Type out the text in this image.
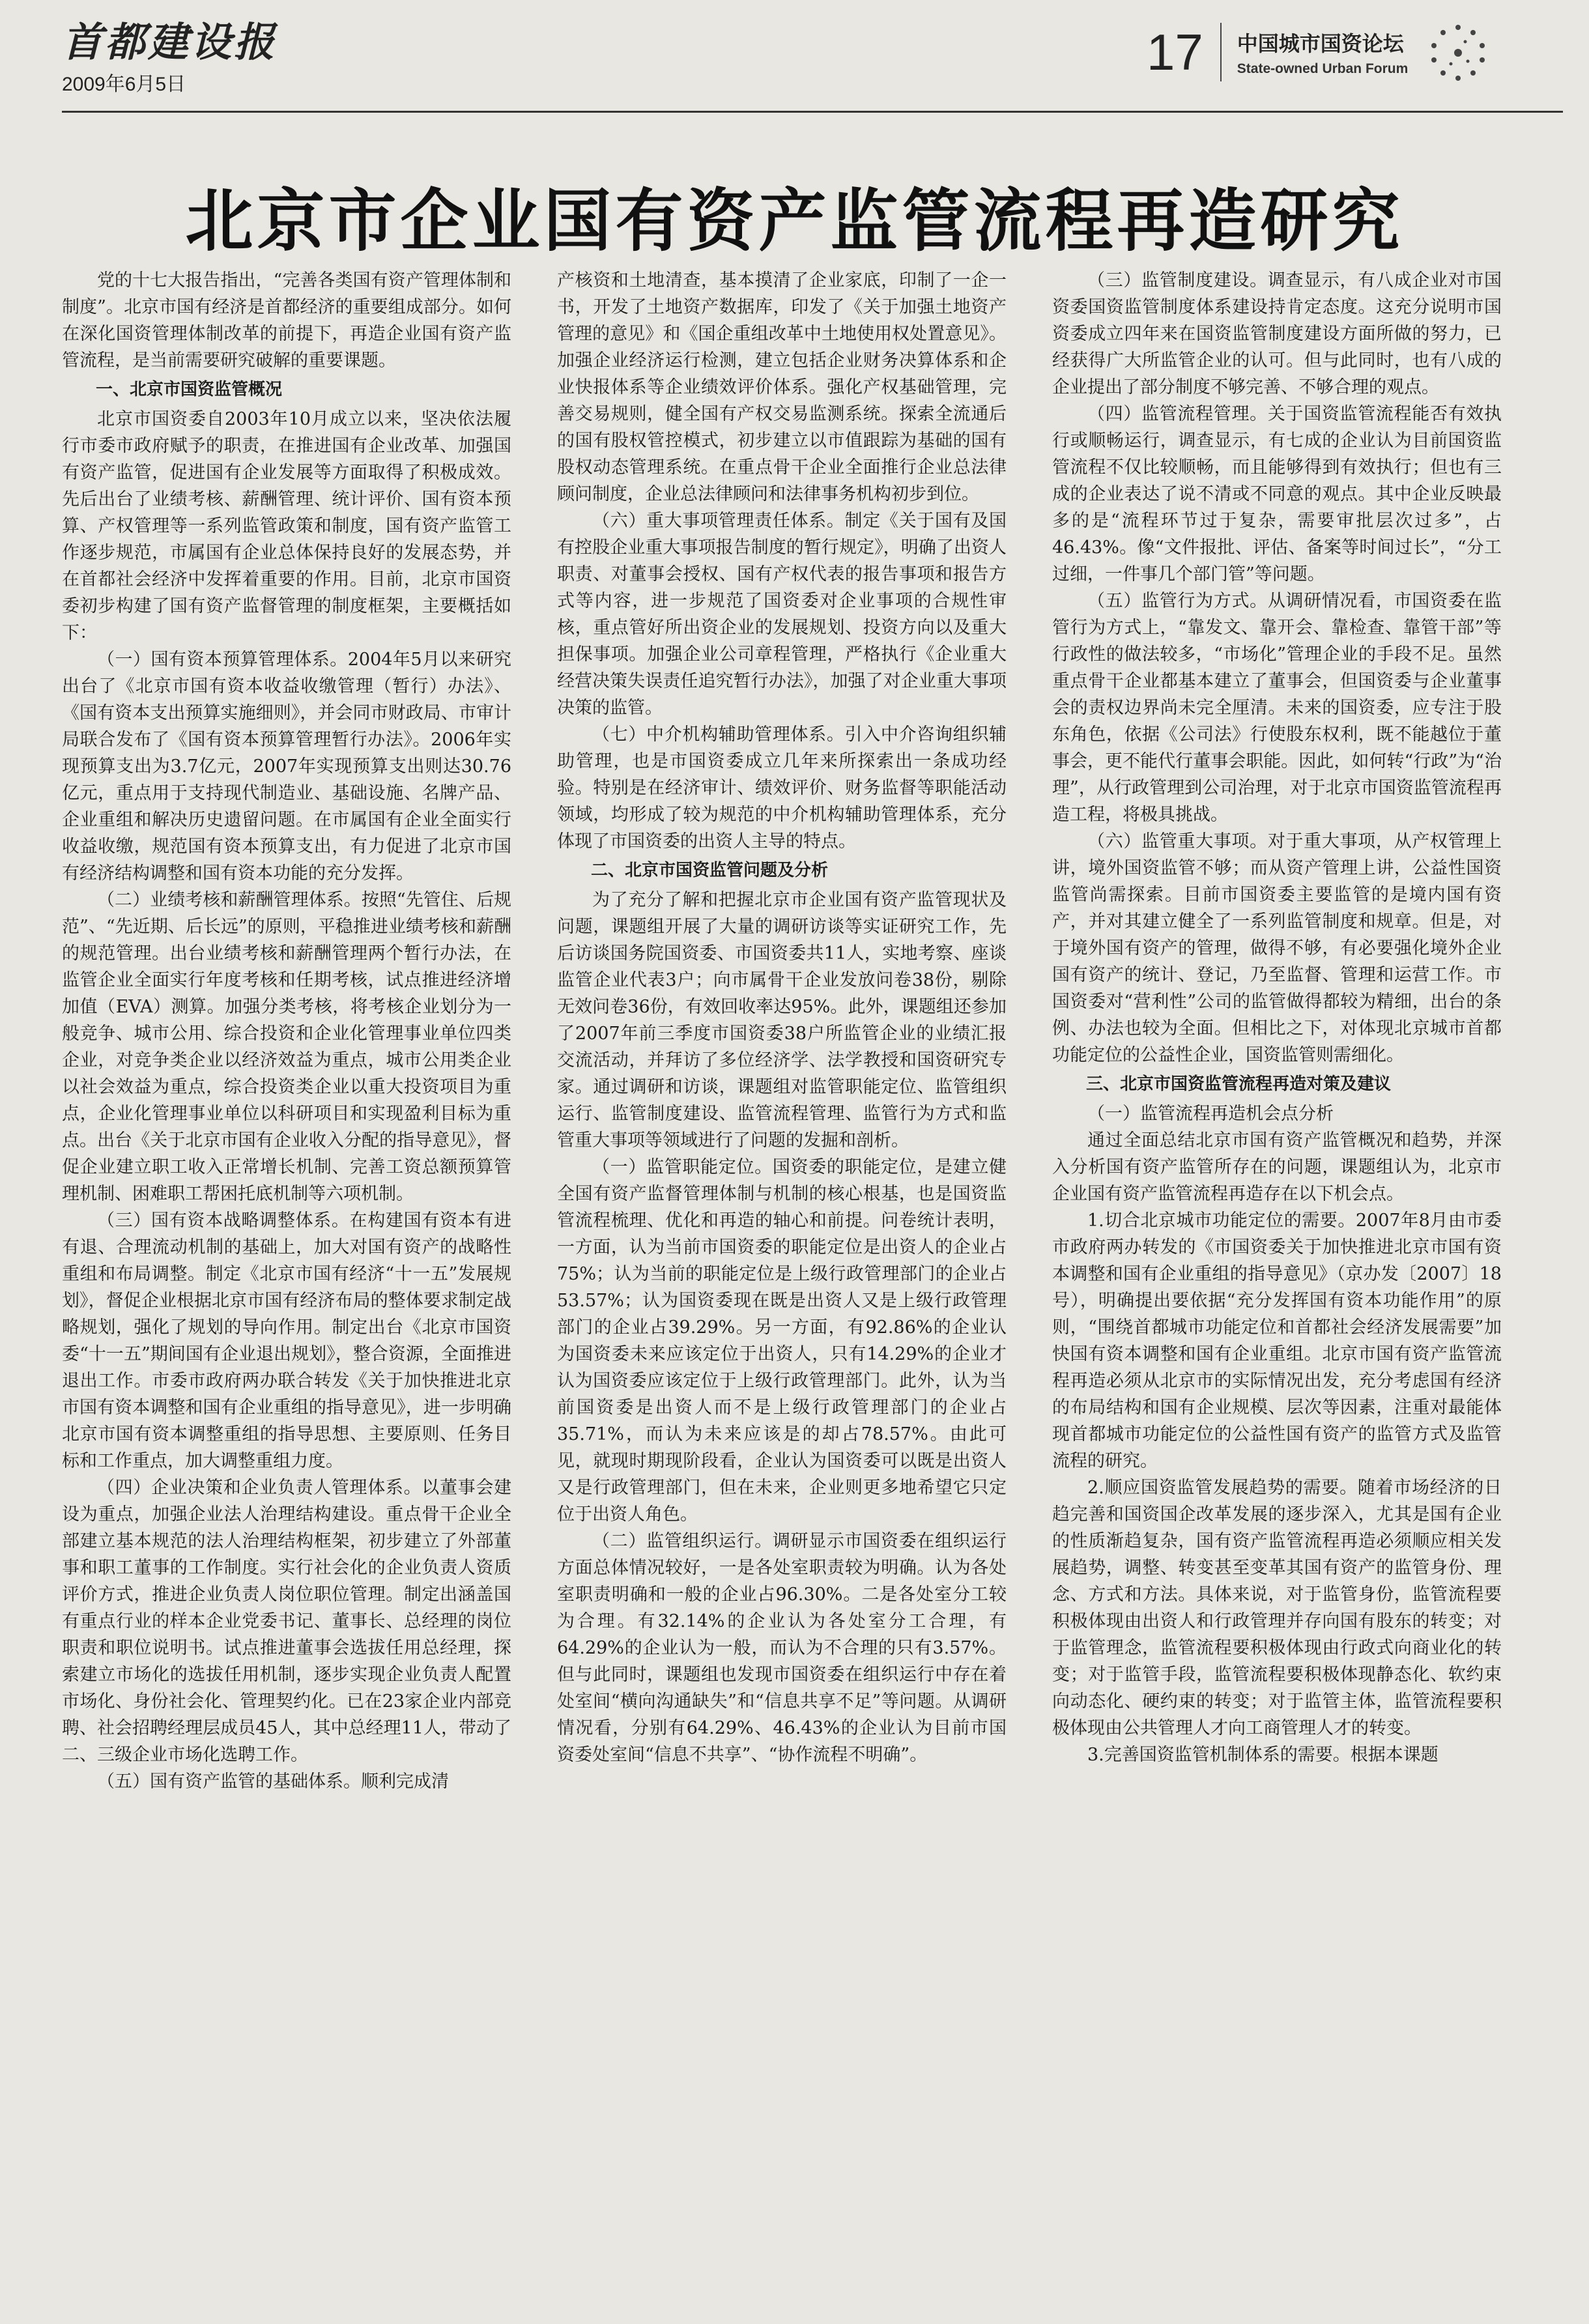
首都建设报
2009年6月5日
17	中国城市国资论坛
State-owned Urban Forum
北京市企业国有资产监管流程再造研究

党的十七大报告指出，“完善各类国有资产管理体制和制度”。北京市国有经济是首都经济的重要组成部分。如何在深化国资管理体制改革的前提下，再造企业国有资产监管流程，是当前需要研究破解的重要课题。

一、北京市国资监管概况

北京市国资委自2003年10月成立以来，坚决依法履行市委市政府赋予的职责，在推进国有企业改革、加强国有资产监管，促进国有企业发展等方面取得了积极成效。先后出台了业绩考核、薪酬管理、统计评价、国有资本预算、产权管理等一系列监管政策和制度，国有资产监管工作逐步规范，市属国有企业总体保持良好的发展态势，并在首都社会经济中发挥着重要的作用。目前，北京市国资委初步构建了国有资产监督管理的制度框架，主要概括如下：

（一）国有资本预算管理体系。2004年5月以来研究出台了《北京市国有资本收益收缴管理（暂行）办法》、《国有资本支出预算实施细则》，并会同市财政局、市审计局联合发布了《国有资本预算管理暂行办法》。2006年实现预算支出为3.7亿元，2007年实现预算支出则达30.76亿元，重点用于支持现代制造业、基础设施、名牌产品、企业重组和解决历史遗留问题。在市属国有企业全面实行收益收缴，规范国有资本预算支出，有力促进了北京市国有经济结构调整和国有资本功能的充分发挥。

（二）业绩考核和薪酬管理体系。按照“先管住、后规范”、“先近期、后长远”的原则，平稳推进业绩考核和薪酬的规范管理。出台业绩考核和薪酬管理两个暂行办法，在监管企业全面实行年度考核和任期考核，试点推进经济增加值（EVA）测算。加强分类考核，将考核企业划分为一般竞争、城市公用、综合投资和企业化管理事业单位四类企业，对竞争类企业以经济效益为重点，城市公用类企业以社会效益为重点，综合投资类企业以重大投资项目为重点，企业化管理事业单位以科研项目和实现盈利目标为重点。出台《关于北京市国有企业收入分配的指导意见》，督促企业建立职工收入正常增长机制、完善工资总额预算管理机制、困难职工帮困托底机制等六项机制。

（三）国有资本战略调整体系。在构建国有资本有进有退、合理流动机制的基础上，加大对国有资产的战略性重组和布局调整。制定《北京市国有经济“十一五”发展规划》，督促企业根据北京市国有经济布局的整体要求制定战略规划，强化了规划的导向作用。制定出台《北京市国资委“十一五”期间国有企业退出规划》，整合资源，全面推进退出工作。市委市政府两办联合转发《关于加快推进北京市国有资本调整和国有企业重组的指导意见》，进一步明确北京市国有资本调整重组的指导思想、主要原则、任务目标和工作重点，加大调整重组力度。

（四）企业决策和企业负责人管理体系。以董事会建设为重点，加强企业法人治理结构建设。重点骨干企业全部建立基本规范的法人治理结构框架，初步建立了外部董事和职工董事的工作制度。实行社会化的企业负责人资质评价方式，推进企业负责人岗位职位管理。制定出涵盖国有重点行业的样本企业党委书记、董事长、总经理的岗位职责和职位说明书。试点推进董事会选拔任用总经理，探索建立市场化的选拔任用机制，逐步实现企业负责人配置市场化、身份社会化、管理契约化。已在23家企业内部竞聘、社会招聘经理层成员45人，其中总经理11人，带动了二、三级企业市场化选聘工作。

（五）国有资产监管的基础体系。顺利完成清

产核资和土地清查，基本摸清了企业家底，印制了一企一书，开发了土地资产数据库，印发了《关于加强土地资产管理的意见》和《国企重组改革中土地使用权处置意见》。加强企业经济运行检测，建立包括企业财务决算体系和企业快报体系等企业绩效评价体系。强化产权基础管理，完善交易规则，健全国有产权交易监测系统。探索全流通后的国有股权管控模式，初步建立以市值跟踪为基础的国有股权动态管理系统。在重点骨干企业全面推行企业总法律顾问制度，企业总法律顾问和法律事务机构初步到位。

（六）重大事项管理责任体系。制定《关于国有及国有控股企业重大事项报告制度的暂行规定》，明确了出资人职责、对董事会授权、国有产权代表的报告事项和报告方式等内容，进一步规范了国资委对企业事项的合规性审核，重点管好所出资企业的发展规划、投资方向以及重大担保事项。加强企业公司章程管理，严格执行《企业重大经营决策失误责任追究暂行办法》，加强了对企业重大事项决策的监管。

（七）中介机构辅助管理体系。引入中介咨询组织辅助管理，也是市国资委成立几年来所探索出一条成功经验。特别是在经济审计、绩效评价、财务监督等职能活动领域，均形成了较为规范的中介机构辅助管理体系，充分体现了市国资委的出资人主导的特点。

二、北京市国资监管问题及分析

为了充分了解和把握北京市企业国有资产监管现状及问题，课题组开展了大量的调研访谈等实证研究工作，先后访谈国务院国资委、市国资委共11人，实地考察、座谈监管企业代表3户；向市属骨干企业发放问卷38份，剔除无效问卷36份，有效回收率达95%。此外，课题组还参加了2007年前三季度市国资委38户所监管企业的业绩汇报交流活动，并拜访了多位经济学、法学教授和国资研究专家。通过调研和访谈，课题组对监管职能定位、监管组织运行、监管制度建设、监管流程管理、监管行为方式和监管重大事项等领域进行了问题的发掘和剖析。

（一）监管职能定位。国资委的职能定位，是建立健全国有资产监督管理体制与机制的核心根基，也是国资监管流程梳理、优化和再造的轴心和前提。问卷统计表明，一方面，认为当前市国资委的职能定位是出资人的企业占75%；认为当前的职能定位是上级行政管理部门的企业占53.57%；认为国资委现在既是出资人又是上级行政管理部门的企业占39.29%。另一方面，有92.86%的企业认为国资委未来应该定位于出资人，只有14.29%的企业才认为国资委应该定位于上级行政管理部门。此外，认为当前国资委是出资人而不是上级行政管理部门的企业占35.71%，而认为未来应该是的却占78.57%。由此可见，就现时期现阶段看，企业认为国资委可以既是出资人又是行政管理部门，但在未来，企业则更多地希望它只定位于出资人角色。

（二）监管组织运行。调研显示市国资委在组织运行方面总体情况较好，一是各处室职责较为明确。认为各处室职责明确和一般的企业占96.30%。二是各处室分工较为合理。有32.14%的企业认为各处室分工合理，有64.29%的企业认为一般，而认为不合理的只有3.57%。但与此同时，课题组也发现市国资委在组织运行中存在着处室间“横向沟通缺失”和“信息共享不足”等问题。从调研情况看，分别有64.29%、46.43%的企业认为目前市国资委处室间“信息不共享”、“协作流程不明确”。

（三）监管制度建设。调查显示，有八成企业对市国资委国资监管制度体系建设持肯定态度。这充分说明市国资委成立四年来在国资监管制度建设方面所做的努力，已经获得广大所监管企业的认可。但与此同时，也有八成的企业提出了部分制度不够完善、不够合理的观点。

（四）监管流程管理。关于国资监管流程能否有效执行或顺畅运行，调查显示，有七成的企业认为目前国资监管流程不仅比较顺畅，而且能够得到有效执行；但也有三成的企业表达了说不清或不同意的观点。其中企业反映最多的是“流程环节过于复杂，需要审批层次过多”，占46.43%。像“文件报批、评估、备案等时间过长”，“分工过细，一件事几个部门管”等问题。

（五）监管行为方式。从调研情况看，市国资委在监管行为方式上，“靠发文、靠开会、靠检查、靠管干部”等行政性的做法较多，“市场化”管理企业的手段不足。虽然重点骨干企业都基本建立了董事会，但国资委与企业董事会的责权边界尚未完全厘清。未来的国资委，应专注于股东角色，依据《公司法》行使股东权利，既不能越位于董事会，更不能代行董事会职能。因此，如何转“行政”为“治理”，从行政管理到公司治理，对于北京市国资监管流程再造工程，将极具挑战。

（六）监管重大事项。对于重大事项，从产权管理上讲，境外国资监管不够；而从资产管理上讲，公益性国资监管尚需探索。目前市国资委主要监管的是境内国有资产，并对其建立健全了一系列监管制度和规章。但是，对于境外国有资产的管理，做得不够，有必要强化境外企业国有资产的统计、登记，乃至监督、管理和运营工作。市国资委对“营利性”公司的监管做得都较为精细，出台的条例、办法也较为全面。但相比之下，对体现北京城市首都功能定位的公益性企业，国资监管则需细化。

三、北京市国资监管流程再造对策及建议

（一）监管流程再造机会点分析

通过全面总结北京市国有资产监管概况和趋势，并深入分析国有资产监管所存在的问题，课题组认为，北京市企业国有资产监管流程再造存在以下机会点。

1.切合北京城市功能定位的需要。2007年8月由市委市政府两办转发的《市国资委关于加快推进北京市国有资本调整和国有企业重组的指导意见》（京办发〔2007〕18号），明确提出要依据“充分发挥国有资本功能作用”的原则，“围绕首都城市功能定位和首都社会经济发展需要”加快国有资本调整和国有企业重组。北京市国有资产监管流程再造必须从北京市的实际情况出发，充分考虑国有经济的布局结构和国有企业规模、层次等因素，注重对最能体现首都城市功能定位的公益性国有资产的监管方式及监管流程的研究。

2.顺应国资监管发展趋势的需要。随着市场经济的日趋完善和国资国企改革发展的逐步深入，尤其是国有企业的性质渐趋复杂，国有资产监管流程再造必须顺应相关发展趋势，调整、转变甚至变革其国有资产的监管身份、理念、方式和方法。具体来说，对于监管身份，监管流程要积极体现由出资人和行政管理并存向国有股东的转变；对于监管理念，监管流程要积极体现由行政式向商业化的转变；对于监管手段，监管流程要积极体现静态化、软约束向动态化、硬约束的转变；对于监管主体，监管流程要积极体现由公共管理人才向工商管理人才的转变。

3.完善国资监管机制体系的需要。根据本课题
